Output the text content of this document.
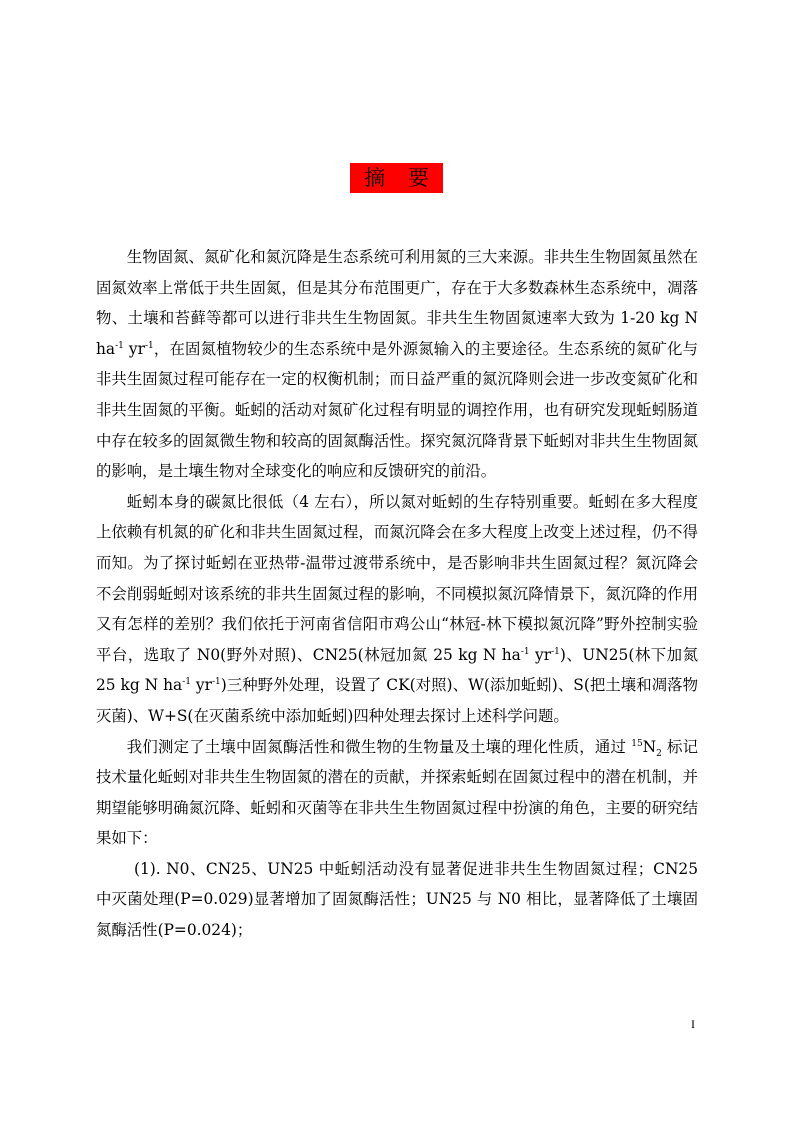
摘 要

生物固氮、氮矿化和氮沉降是生态系统可利用氮的三大来源。非共生生物固氮虽然在固氮效率上常低于共生固氮，但是其分布范围更广，存在于大多数森林生态系统中，凋落物、土壤和苔藓等都可以进行非共生生物固氮。非共生生物固氮速率大致为 1-20 kg N $ha^{-1}$ $yr^{-1}$，在固氮植物较少的生态系统中是外源氮输入的主要途径。生态系统的氮矿化与非共生固氮过程可能存在一定的权衡机制；而日益严重的氮沉降则会进一步改变氮矿化和非共生固氮的平衡。蚯蚓的活动对氮矿化过程有明显的调控作用，也有研究发现蚯蚓肠道中存在较多的固氮微生物和较高的固氮酶活性。探究氮沉降背景下蚯蚓对非共生生物固氮的影响，是土壤生物对全球变化的响应和反馈研究的前沿。

蚯蚓本身的碳氮比很低（4 左右），所以氮对蚯蚓的生存特别重要。蚯蚓在多大程度上依赖有机氮的矿化和非共生固氮过程，而氮沉降会在多大程度上改变上述过程，仍不得而知。为了探讨蚯蚓在亚热带-温带过渡带系统中，是否影响非共生固氮过程？氮沉降会不会削弱蚯蚓对该系统的非共生固氮过程的影响，不同模拟氮沉降情景下，氮沉降的作用又有怎样的差别？我们依托于河南省信阳市鸡公山“林冠-林下模拟氮沉降”野外控制实验平台，选取了 N0(野外对照)、CN25(林冠加氮 25 kg N $ha^{-1}$ $yr^{-1}$)、UN25(林下加氮 25 kg N $ha^{-1}$ $yr^{-1}$)三种野外处理，设置了 CK(对照)、W(添加蚯蚓)、S(把土壤和凋落物灭菌)、W+S(在灭菌系统中添加蚯蚓)四种处理去探讨上述科学问题。

我们测定了土壤中固氮酶活性和微生物的生物量及土壤的理化性质，通过 $^{15}N_2$ 标记技术量化蚯蚓对非共生生物固氮的潜在的贡献，并探索蚯蚓在固氮过程中的潜在机制，并期望能够明确氮沉降、蚯蚓和灭菌等在非共生生物固氮过程中扮演的角色，主要的研究结果如下：

(1). N0、CN25、UN25 中蚯蚓活动没有显著促进非共生生物固氮过程；CN25 中灭菌处理(P=0.029)显著增加了固氮酶活性；UN25 与 N0 相比，显著降低了土壤固氮酶活性(P=0.024)；

I
